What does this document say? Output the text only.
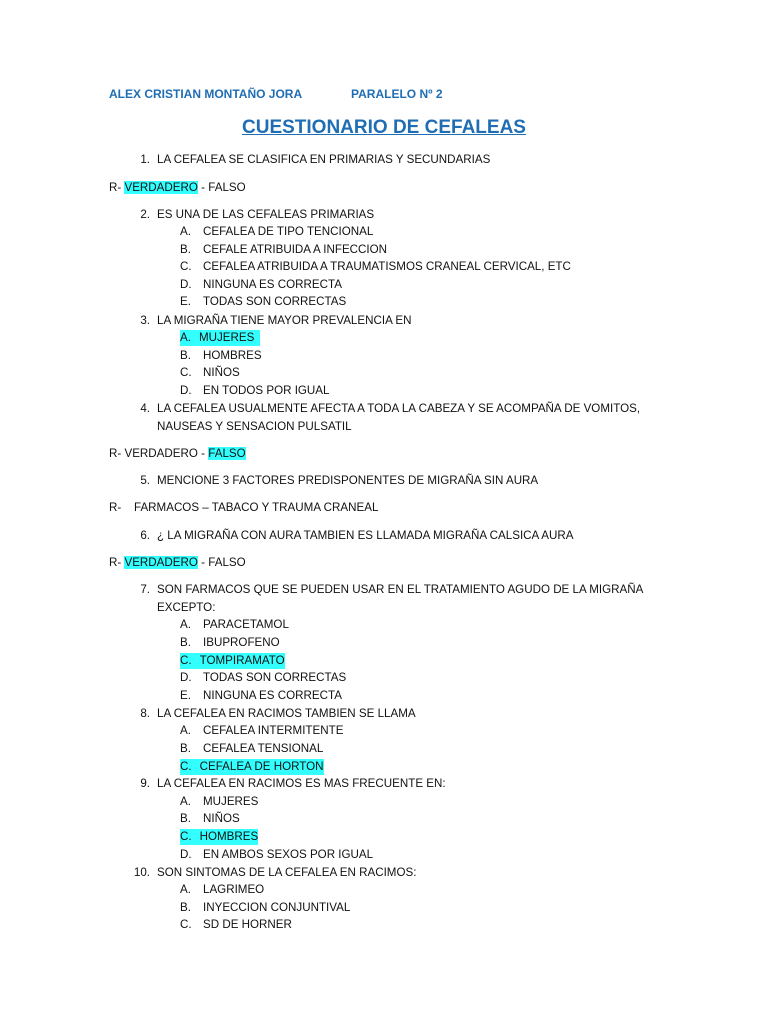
ALEX CRISTIAN MONTAÑO JORA	PARALELO Nº 2
CUESTIONARIO DE CEFALEAS
1. LA CEFALEA SE CLASIFICA EN PRIMARIAS Y SECUNDARIAS
R- VERDADERO - FALSO
2. ES UNA DE LAS CEFALEAS PRIMARIAS
A.	CEFALEA DE TIPO TENCIONAL
B.	CEFALE ATRIBUIDA A INFECCION
C. CEFALEA ATRIBUIDA A TRAUMATISMOS CRANEAL CERVICAL, ETC
D. NINGUNA ES CORRECTA
E.	TODAS SON CORRECTAS
3. LA MIGRAÑA TIENE MAYOR PREVALENCIA EN
A. MUJERES
B.	HOMBRES
C. NIÑOS
D. EN TODOS POR IGUAL
4. LA CEFALEA USUALMENTE AFECTA A TODA LA CABEZA Y SE ACOMPAÑA DE VOMITOS,
NAUSEAS Y SENSACION PULSATIL
R- VERDADERO - FALSO
5. MENCIONE 3 FACTORES PREDISPONENTES DE MIGRAÑA SIN AURA
R- FARMACOS – TABACO Y TRAUMA CRANEAL
6. ¿ LA MIGRAÑA CON AURA TAMBIEN ES LLAMADA MIGRAÑA CALSICA AURA
R- VERDADERO - FALSO
7. SON FARMACOS QUE SE PUEDEN USAR EN EL TRATAMIENTO AGUDO DE LA MIGRAÑA
EXCEPTO:
A.	PARACETAMOL
B.	IBUPROFENO
C. TOMPIRAMATO
D. TODAS SON CORRECTAS
E.	NINGUNA ES CORRECTA
8. LA CEFALEA EN RACIMOS TAMBIEN SE LLAMA
A.	CEFALEA INTERMITENTE
B.	CEFALEA TENSIONAL
C. CEFALEA DE HORTON
9. LA CEFALEA EN RACIMOS ES MAS FRECUENTE EN:
A.	MUJERES
B.	NIÑOS
C. HOMBRES
D. EN AMBOS SEXOS POR IGUAL
10. SON SINTOMAS DE LA CEFALEA EN RACIMOS:
A.	LAGRIMEO
B.	INYECCION CONJUNTIVAL
C. SD DE HORNER
